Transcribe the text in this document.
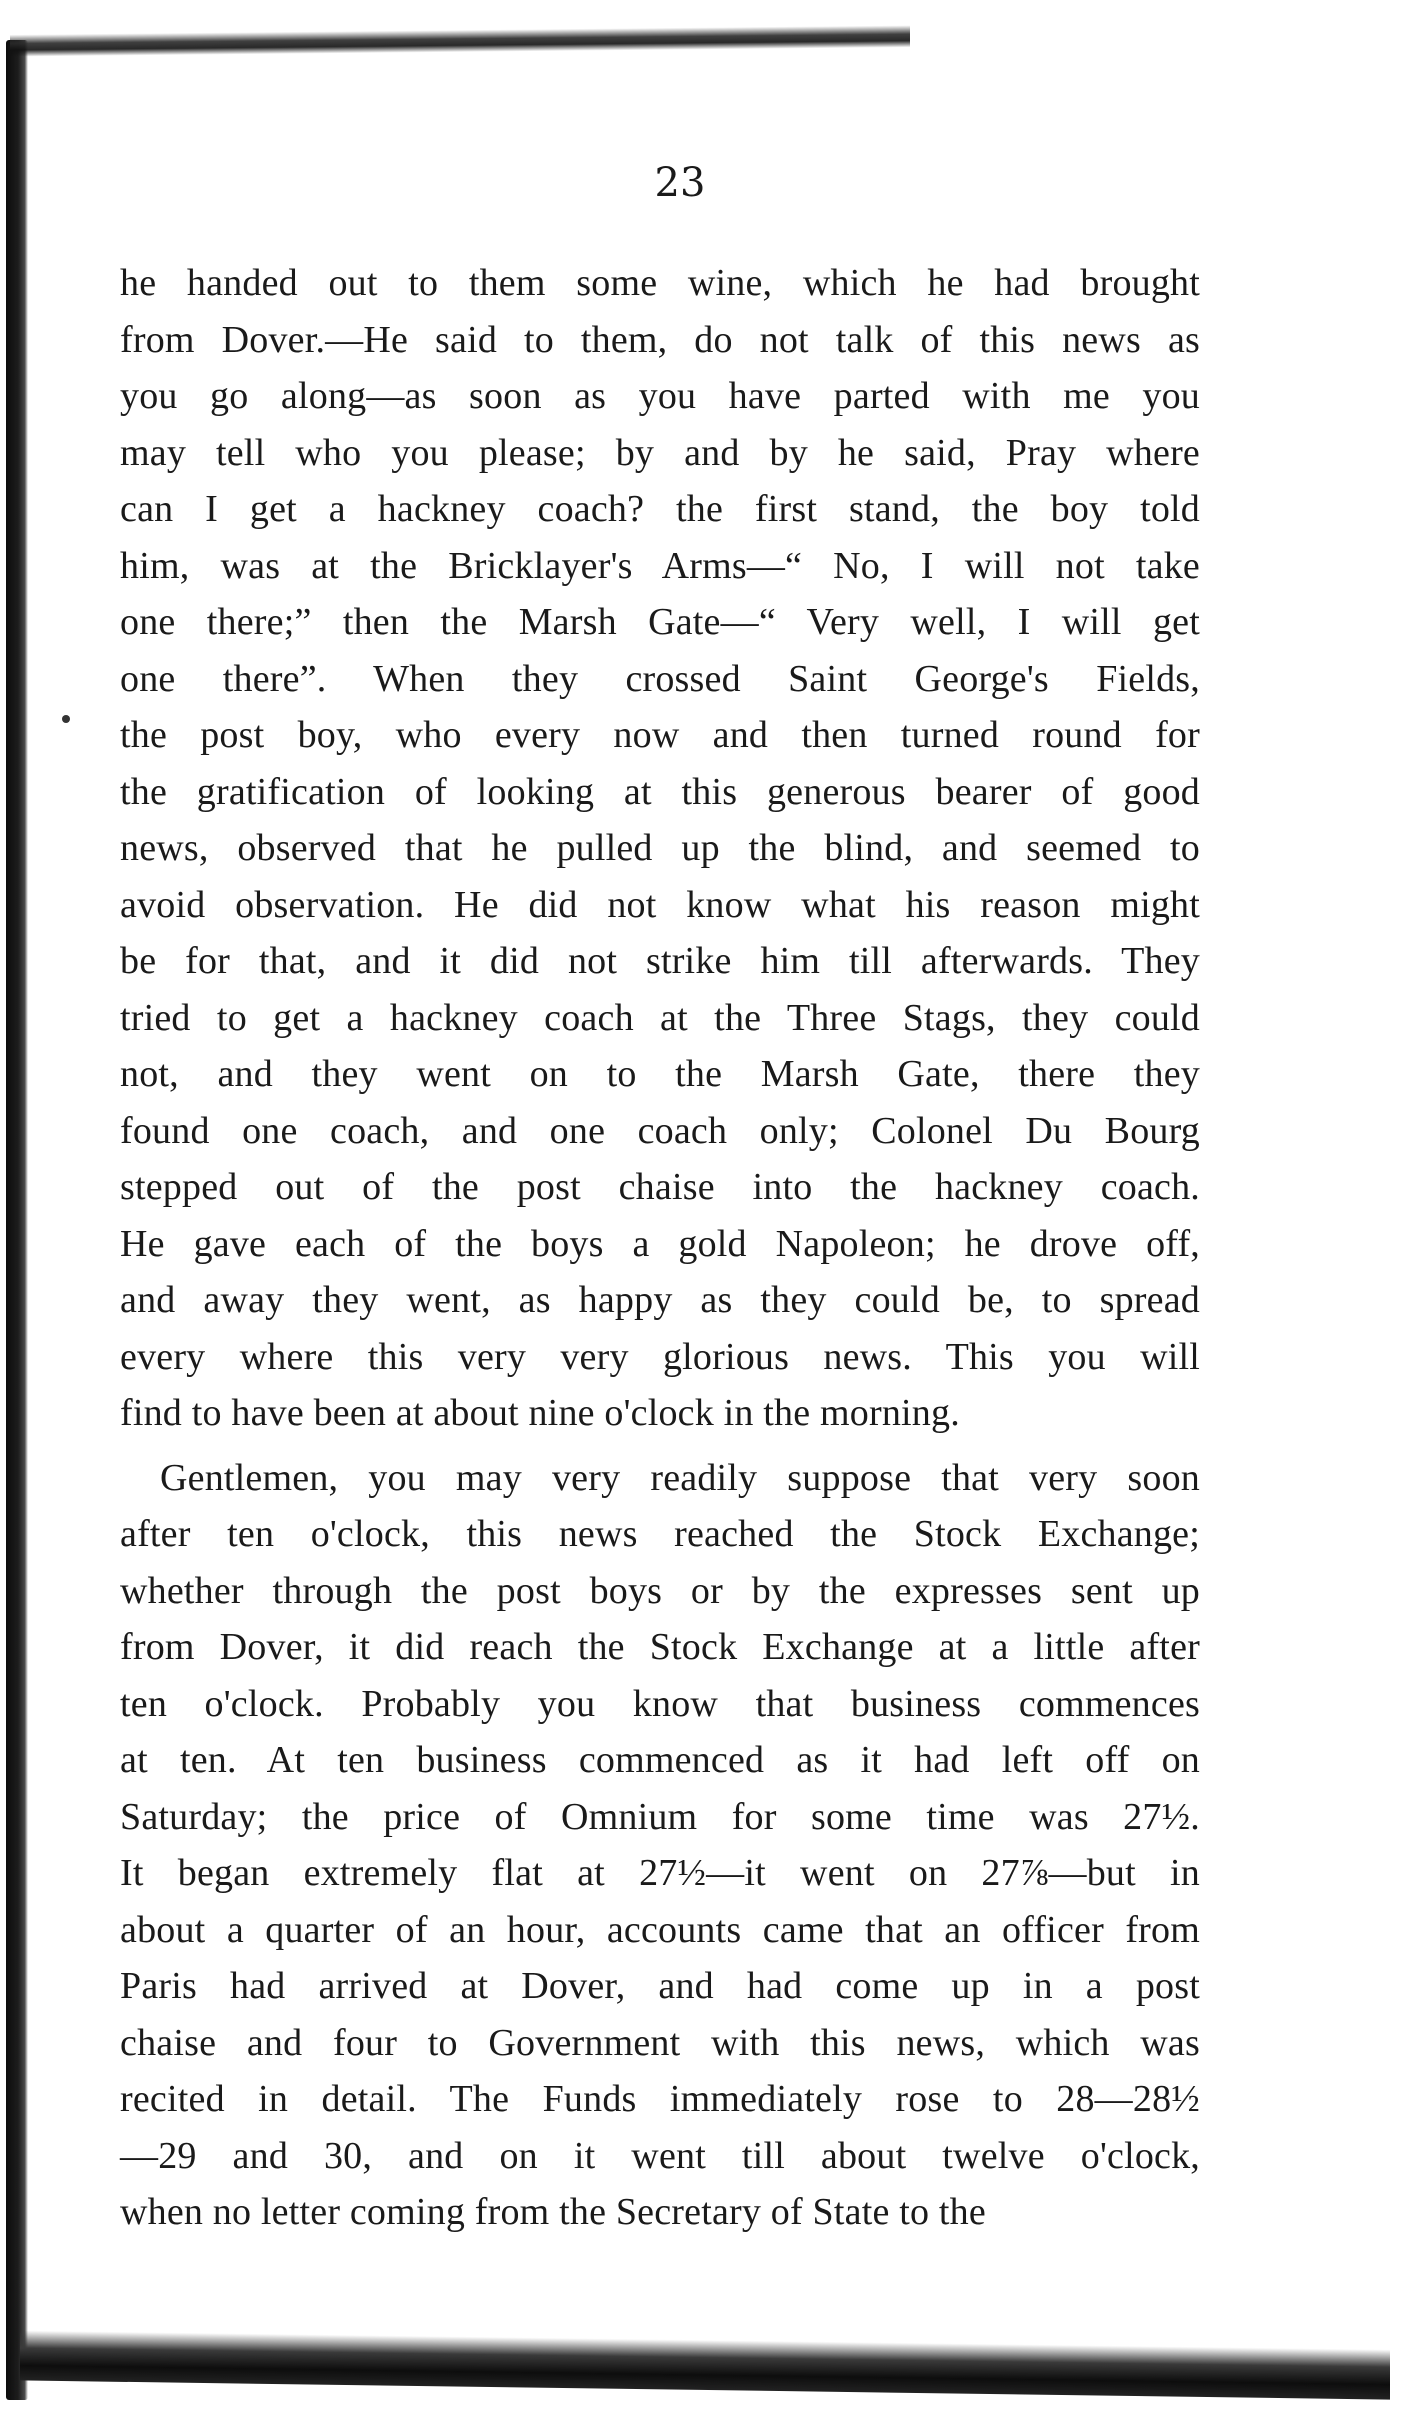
23
he handed out to them some wine, which he had brought
from Dover.—He said to them, do not talk of this news as
you go along—as soon as you have parted with me you
may tell who you please; by and by he said, Pray where
can I get a hackney coach? the first stand, the boy told
him, was at the Bricklayer's Arms—“ No, I will not take
one there;” then the Marsh Gate—“ Very well, I will get
one there”. When they crossed Saint George's Fields,
the post boy, who every now and then turned round for
the gratification of looking at this generous bearer of good
news, observed that he pulled up the blind, and seemed to
avoid observation. He did not know what his reason might
be for that, and it did not strike him till afterwards. They
tried to get a hackney coach at the Three Stags, they could
not, and they went on to the Marsh Gate, there they
found one coach, and one coach only; Colonel Du Bourg
stepped out of the post chaise into the hackney coach.
He gave each of the boys a gold Napoleon; he drove off,
and away they went, as happy as they could be, to spread
every where this very very glorious news. This you will
find to have been at about nine o'clock in the morning.
Gentlemen, you may very readily suppose that very soon
after ten o'clock, this news reached the Stock Exchange;
whether through the post boys or by the expresses sent up
from Dover, it did reach the Stock Exchange at a little after
ten o'clock. Probably you know that business commences
at ten. At ten business commenced as it had left off on
Saturday; the price of Omnium for some time was 27½.
It began extremely flat at 27½—it went on 27⅞—but in
about a quarter of an hour, accounts came that an officer from
Paris had arrived at Dover, and had come up in a post
chaise and four to Government with this news, which was
recited in detail. The Funds immediately rose to 28—28½
—29 and 30, and on it went till about twelve o'clock,
when no letter coming from the Secretary of State to the
